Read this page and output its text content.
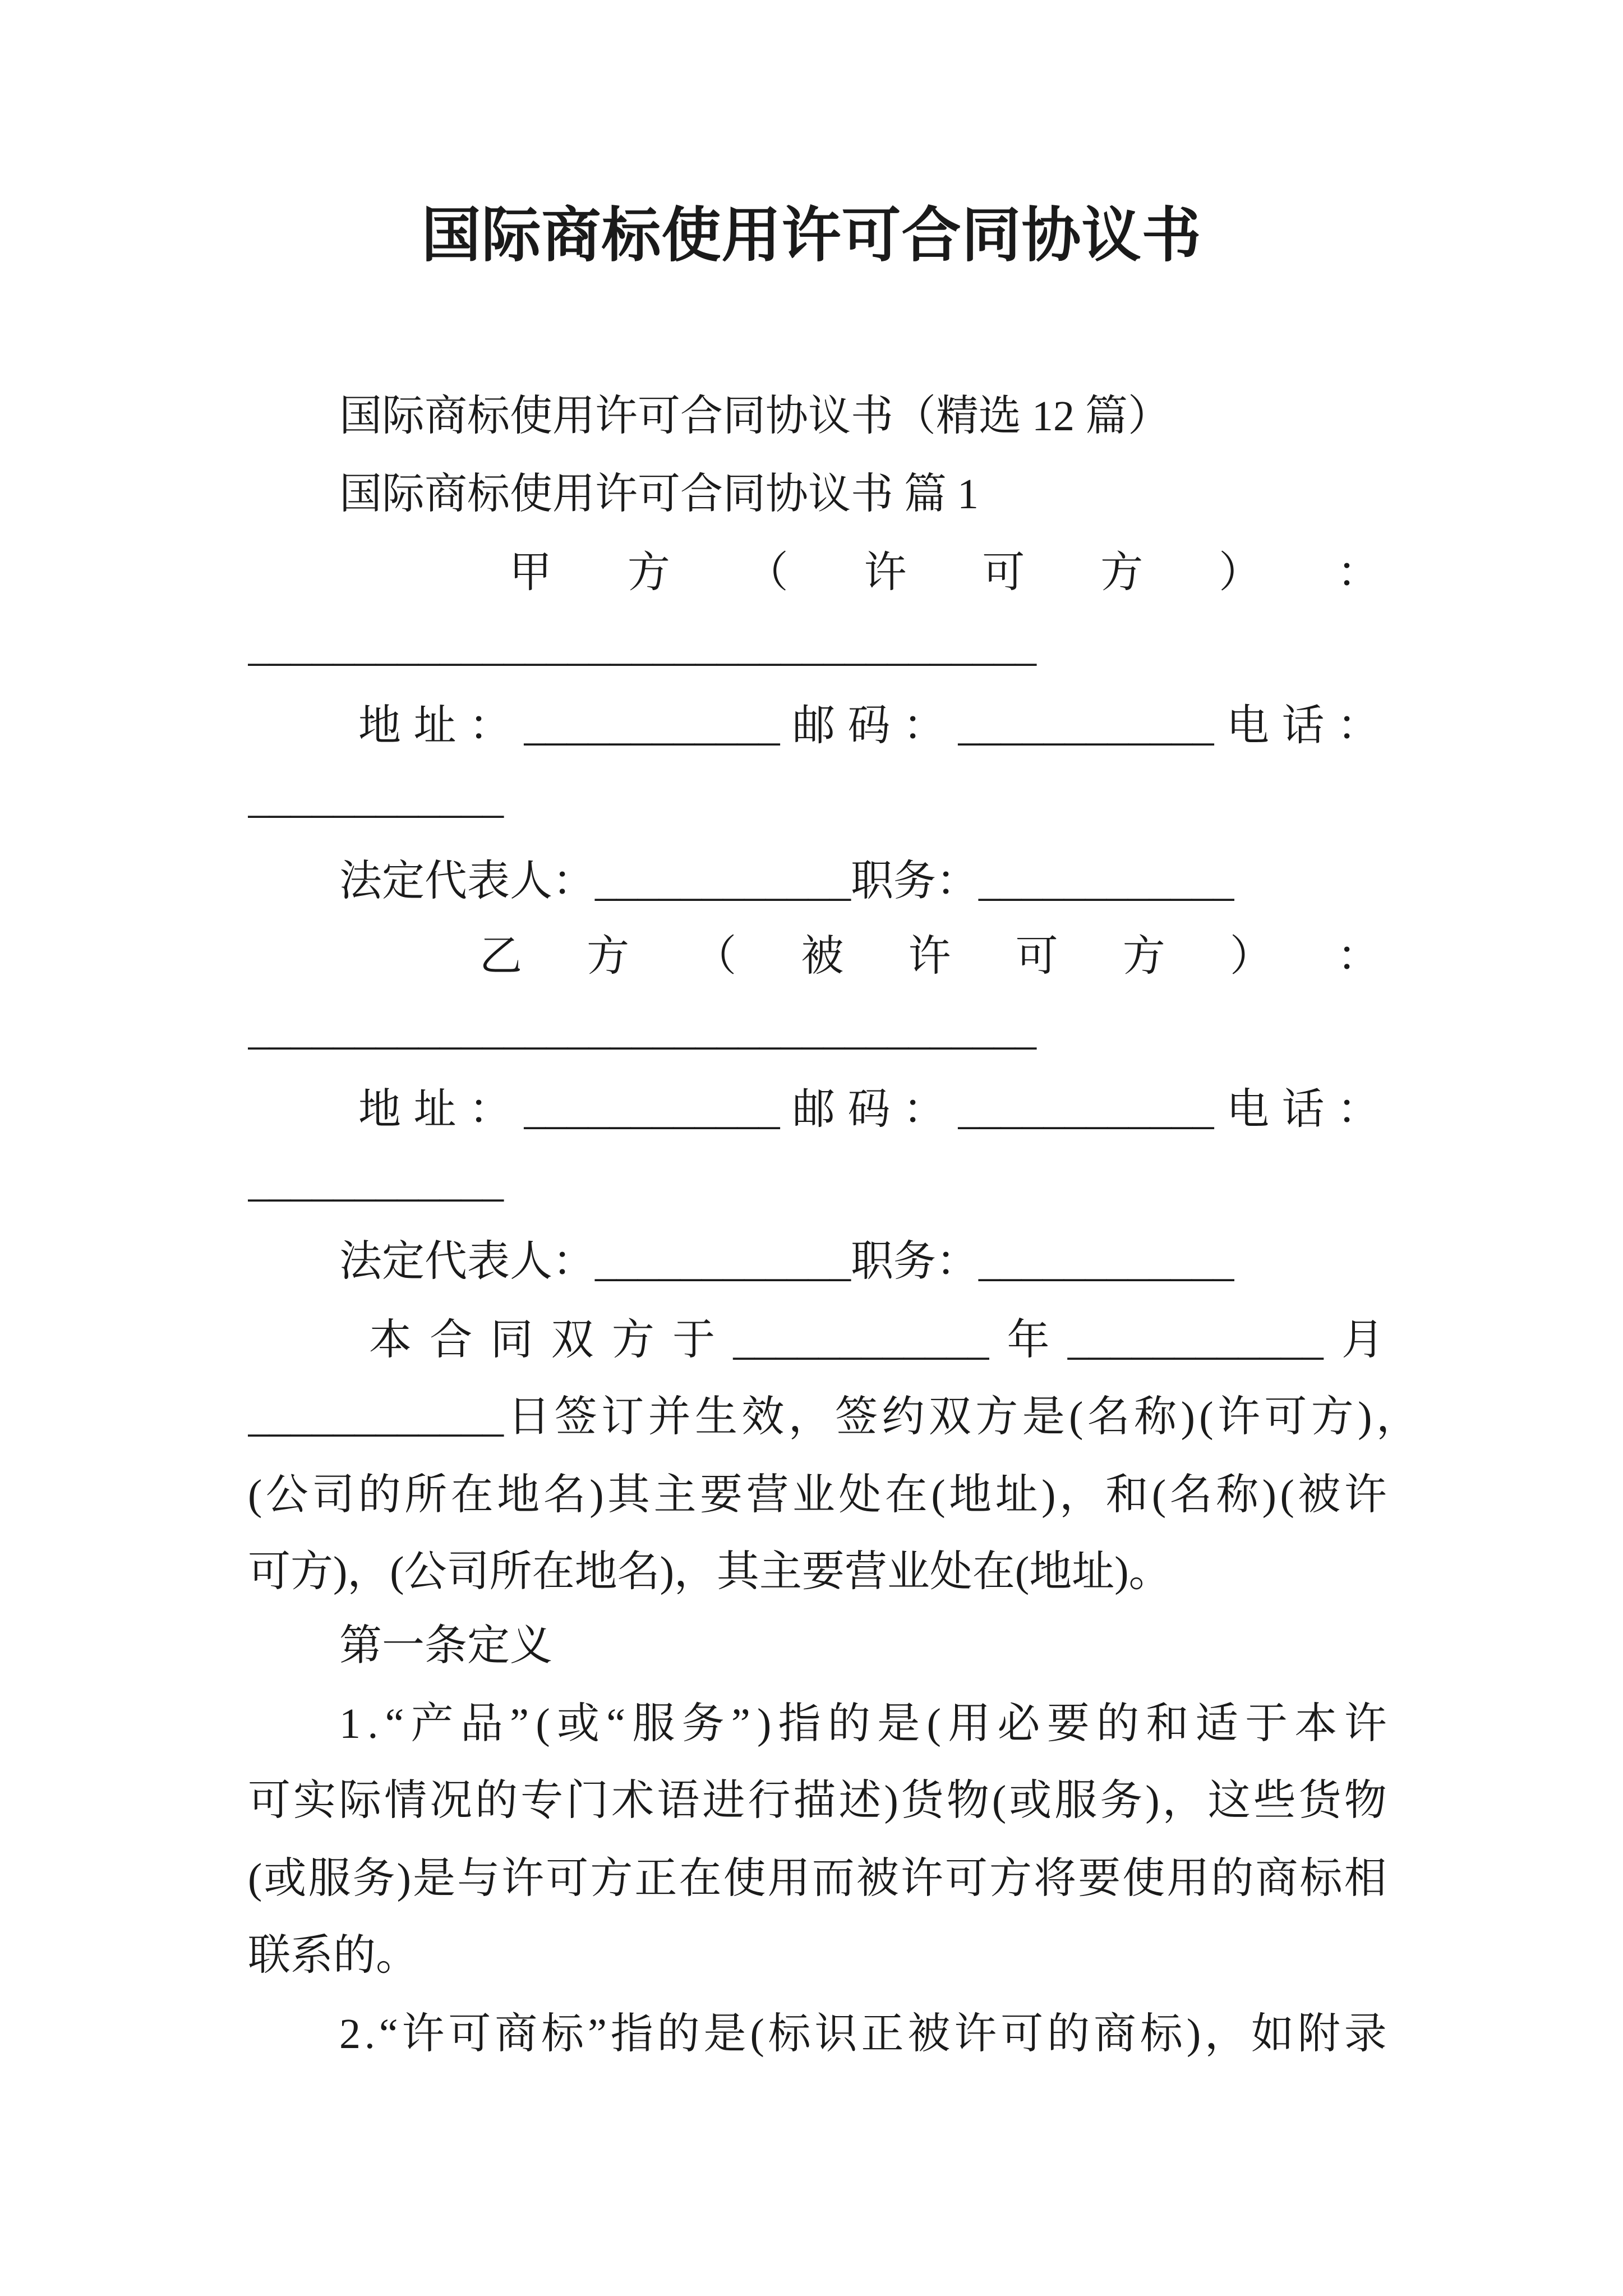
国际商标使用许可合同协议书
国际商标使用许可合同协议书（精选 12 篇）
国际商标使用许可合同协议书 篇 1
甲 方 （ 许 可 方 ） ：
_____________________________________
地 址 ： ____________ 邮 码 ： ____________ 电 话 ：
____________
法定代表人：____________职务：____________
乙 方 （ 被 许 可 方 ） ：
_____________________________________
地 址 ： ____________ 邮 码 ： ____________ 电 话 ：
____________
法定代表人：____________职务：____________
本 合 同 双 方 于 ____________ 年 ____________ 月
____________ 日 签 订 并 生 效 ， 签 约 双 方 是 ( 名 称 ) ( 许 可 方 ) ，
( 公 司 的 所 在 地 名 ) 其 主 要 营 业 处 在 ( 地 址 ) ， 和 ( 名 称 ) ( 被 许
可方)，(公司所在地名)，其主要营业处在(地址)。
第一条定义
1 . “ 产 品 ” ( 或 “ 服 务 ” ) 指 的 是 ( 用 必 要 的 和 适 于 本 许
可 实 际 情 况 的 专 门 术 语 进 行 描 述 ) 货 物 ( 或 服 务 ) ， 这 些 货 物
( 或 服 务 ) 是 与 许 可 方 正 在 使 用 而 被 许 可 方 将 要 使 用 的 商 标 相
联系的。
2 . “ 许 可 商 标 ” 指 的 是 ( 标 识 正 被 许 可 的 商 标 ) ， 如 附 录
